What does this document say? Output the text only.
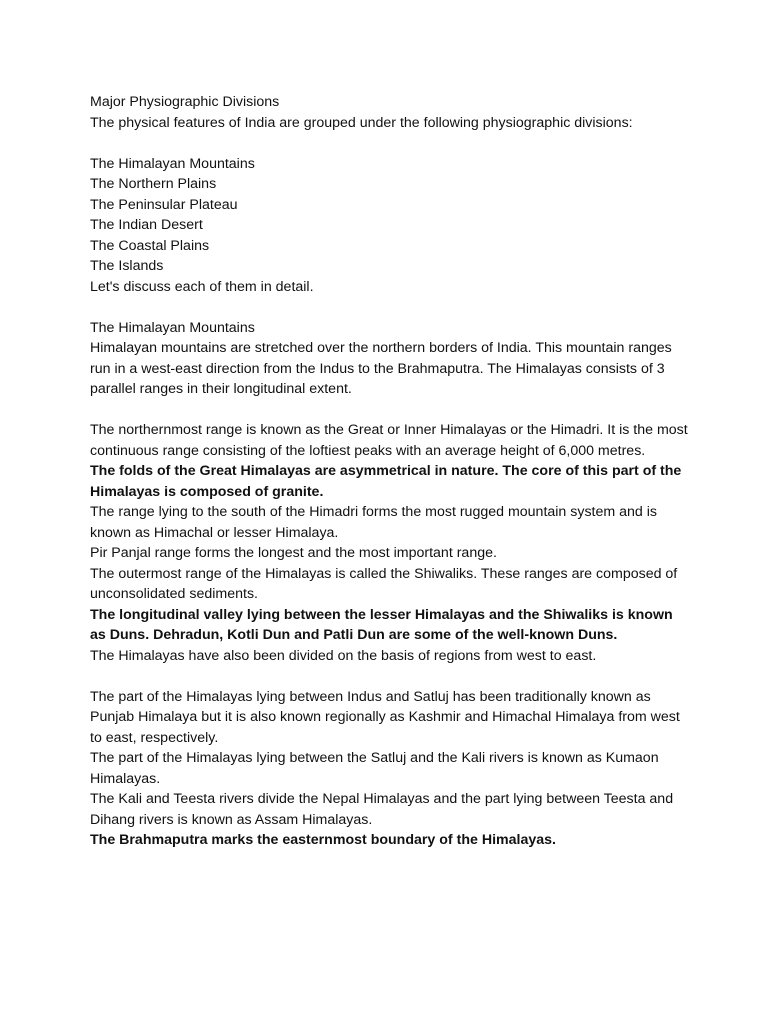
Major Physiographic Divisions

The physical features of India are grouped under the following physiographic divisions:

The Himalayan Mountains

The Northern Plains

The Peninsular Plateau

The Indian Desert

The Coastal Plains

The Islands

Let's discuss each of them in detail.

The Himalayan Mountains

Himalayan mountains are stretched over the northern borders of India. This mountain ranges run in a west-east direction from the Indus to the Brahmaputra. The Himalayas consists of 3 parallel ranges in their longitudinal extent.

The northernmost range is known as the Great or Inner Himalayas or the Himadri. It is the most continuous range consisting of the loftiest peaks with an average height of 6,000 metres.

The folds of the Great Himalayas are asymmetrical in nature. The core of this part of the Himalayas is composed of granite.

The range lying to the south of the Himadri forms the most rugged mountain system and is known as Himachal or lesser Himalaya.

Pir Panjal range forms the longest and the most important range.

The outermost range of the Himalayas is called the Shiwaliks. These ranges are composed of unconsolidated sediments.

The longitudinal valley lying between the lesser Himalayas and the Shiwaliks is known as Duns. Dehradun, Kotli Dun and Patli Dun are some of the well-known Duns.

The Himalayas have also been divided on the basis of regions from west to east.

The part of the Himalayas lying between Indus and Satluj has been traditionally known as Punjab Himalaya but it is also known regionally as Kashmir and Himachal Himalaya from west to east, respectively.

The part of the Himalayas lying between the Satluj and the Kali rivers is known as Kumaon Himalayas.

The Kali and Teesta rivers divide the Nepal Himalayas and the part lying between Teesta and Dihang rivers is known as Assam Himalayas.

The Brahmaputra marks the easternmost boundary of the Himalayas.
